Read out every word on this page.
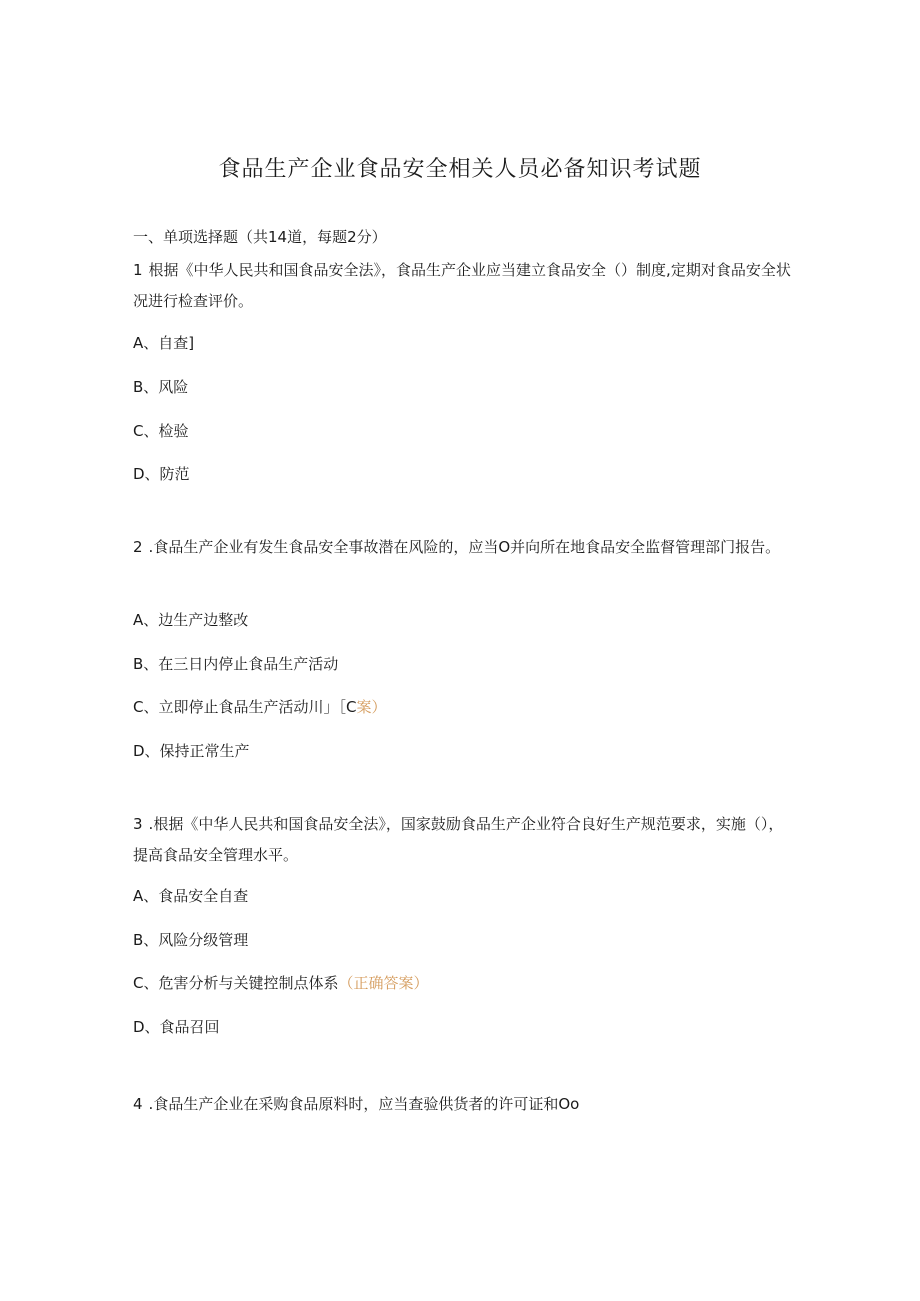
食品生产企业食品安全相关人员必备知识考试题
一、单项选择题（共14道，每题2分）
1 根据《中华人民共和国食品安全法》，食品生产企业应当建立食品安全（）制度,定期对食品安全状况进行检查评价。
A、自查]
B、风险
C、检验
D、防范
2 .食品生产企业有发生食品安全事故潜在风险的，应当O并向所在地食品安全监督管理部门报告。
A、边生产边整改
B、在三日内停止食品生产活动
C、立即停止食品生产活动川」［C案）
D、保持正常生产
3 .根据《中华人民共和国食品安全法》，国家鼓励食品生产企业符合良好生产规范要求，实施（），提高食品安全管理水平。
A、食品安全自查
B、风险分级管理
C、危害分析与关键控制点体系（正确答案）
D、食品召回
4 .食品生产企业在采购食品原料时，应当查验供货者的许可证和Oo
